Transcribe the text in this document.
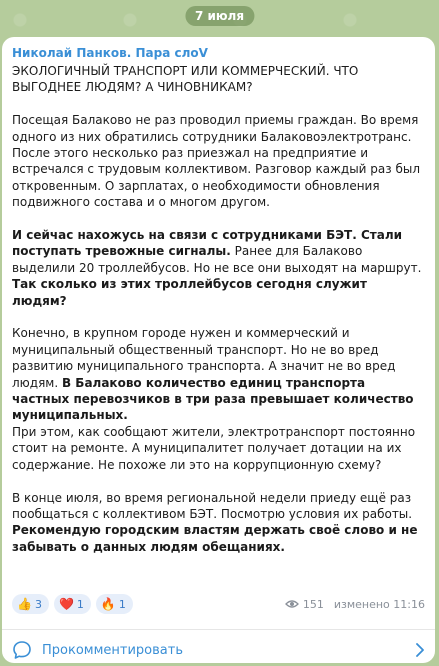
7 июля
Николай Панков. Пара слоV

ЭКОЛОГИЧНЫЙ ТРАНСПОРТ ИЛИ КОММЕРЧЕСКИЙ. ЧТО ВЫГОДНЕЕ ЛЮДЯМ? А ЧИНОВНИКАМ?

Посещая Балаково не раз проводил приемы граждан. Во время одного из них обратились сотрудники Балаковоэлектротранс. После этого несколько раз приезжал на предприятие и встречался с трудовым коллективом. Разговор каждый раз был откровенным. О зарплатах, о необходимости обновления подвижного состава и о многом другом.

И сейчас нахожусь на связи с сотрудниками БЭТ. Стали поступать тревожные сигналы. Ранее для Балаково выделили 20 троллейбусов. Но не все они выходят на маршрут. Так сколько из этих троллейбусов сегодня служит людям?

Конечно, в крупном городе нужен и коммерческий и муниципальный общественный транспорт. Но не во вред развитию муниципального транспорта. А значит не во вред людям. В Балаково количество единиц транспорта частных перевозчиков в три раза превышает количество муниципальных.

При этом, как сообщают жители, электротранспорт постоянно стоит на ремонте. А муниципалитет получает дотации на их содержание. Не похоже ли это на коррупционную схему?

В конце июля, во время региональной недели приеду ещё раз пообщаться с коллективом БЭТ. Посмотрю условия их работы. Рекомендую городским властям держать своё слово и не забывать о данных людям обещаниях.

👍 3 ❤️ 1 🔥 1	151 изменено 11:16
Прокомментировать
